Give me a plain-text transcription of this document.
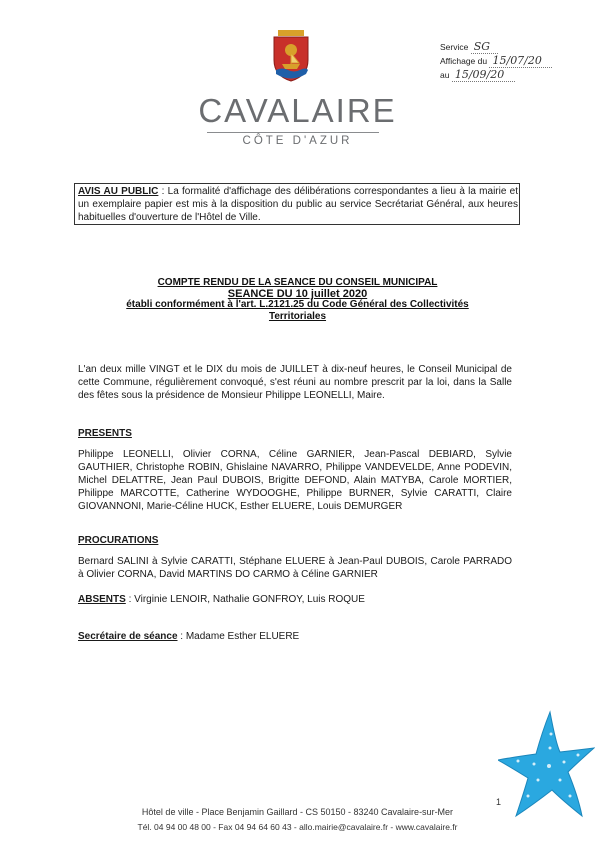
CAVALAIRE
CÔTE D'AZUR
Service SG
Affichage du 15/07/20
au 15/09/20
AVIS AU PUBLIC : La formalité d'affichage des délibérations correspondantes a lieu à la mairie et un exemplaire papier est mis à la disposition du public au service Secrétariat Général, aux heures habituelles d'ouverture de l'Hôtel de Ville.
COMPTE RENDU DE LA SEANCE DU CONSEIL MUNICIPAL
SEANCE DU 10 juillet 2020
établi conformément à l'art. L.2121.25 du Code Général des Collectivités
Territoriales
L'an deux mille VINGT et le DIX du mois de JUILLET à dix-neuf heures, le Conseil Municipal de cette Commune, régulièrement convoqué, s'est réuni au nombre prescrit par la loi, dans la Salle des fêtes sous la présidence de Monsieur Philippe LEONELLI, Maire.
PRESENTS
Philippe LEONELLI, Olivier CORNA, Céline GARNIER, Jean-Pascal DEBIARD, Sylvie GAUTHIER, Christophe ROBIN, Ghislaine NAVARRO, Philippe VANDEVELDE, Anne PODEVIN, Michel DELATTRE, Jean Paul DUBOIS, Brigitte DEFOND, Alain MATYBA, Carole MORTIER, Philippe MARCOTTE, Catherine WYDOOGHE, Philippe BURNER, Sylvie CARATTI, Claire GIOVANNONI, Marie-Céline HUCK, Esther ELUERE, Louis DEMURGER
PROCURATIONS
Bernard SALINI à Sylvie CARATTI, Stéphane ELUERE à Jean-Paul DUBOIS, Carole PARRADO à Olivier CORNA, David MARTINS DO CARMO à Céline GARNIER
ABSENTS : Virginie LENOIR, Nathalie GONFROY, Luis ROQUE
Secrétaire de séance : Madame Esther ELUERE
1
Hôtel de ville - Place Benjamin Gaillard - CS 50150 - 83240 Cavalaire-sur-Mer
Tél. 04 94 00 48 00 - Fax 04 94 64 60 43 - allo.mairie@cavalaire.fr - www.cavalaire.fr
